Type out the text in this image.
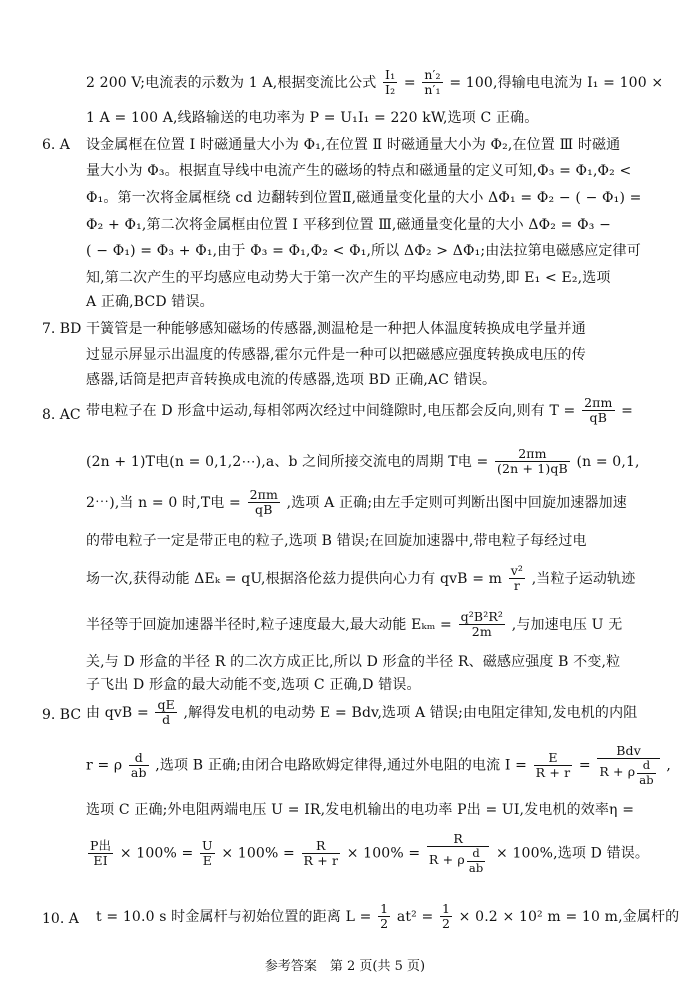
2 200 V;电流表的示数为 1 A,根据变流比公式 $\frac{\text{I₁}}{\text{I₂}} = \frac{\text{n′₂}}{\text{n′₁}} = 100$,得输电电流为 I₁ = 100 ×
1 A = 100 A,线路输送的电功率为 P = U₁I₁ = 220 kW,选项 C 正确。
6. A 设金属框在位置 Ⅰ 时磁通量大小为 Φ₁,在位置 Ⅱ 时磁通量大小为 Φ₂,在位置 Ⅲ 时磁通
量大小为 Φ₃。根据直导线中电流产生的磁场的特点和磁通量的定义可知,Φ₃ = Φ₁,Φ₂ <
Φ₁。第一次将金属框绕 cd 边翻转到位置Ⅱ,磁通量变化量的大小 ΔΦ₁ = Φ₂ − ( − Φ₁) =
Φ₂ + Φ₁,第二次将金属框由位置 Ⅰ 平移到位置 Ⅲ,磁通量变化量的大小 ΔΦ₂ = Φ₃ −
( − Φ₁) = Φ₃ + Φ₁,由于 Φ₃ = Φ₁,Φ₂ < Φ₁,所以 ΔΦ₂ > ΔΦ₁;由法拉第电磁感应定律可
知,第二次产生的平均感应电动势大于第一次产生的平均感应电动势,即 E₁ < E₂,选项
A 正确,BCD 错误。
7. BD 干簧管是一种能够感知磁场的传感器,测温枪是一种把人体温度转换成电学量并通
过显示屏显示出温度的传感器,霍尔元件是一种可以把磁感应强度转换成电压的传
感器,话筒是把声音转换成电流的传感器,选项 BD 正确,AC 错误。
8. AC 带电粒子在 D 形盒中运动,每相邻两次经过中间缝隙时,电压都会反向,则有 $T = \frac{2\pi m}{qB}$ =
(2n + 1)T电(n = 0,1,2⋯),a、b 之间所接交流电的周期 T电 = $\frac{2\pi m}{(2n + 1)qB} (n = 0,1$,
2⋯),当 n = 0 时,T电 = $\frac{2\pi m}{qB}$ ,选项 A 正确;由左手定则可判断出图中回旋加速器加速
的带电粒子一定是带正电的粒子,选项 B 错误;在回旋加速器中,带电粒子每经过电
场一次,获得动能 ΔEₖ = qU,根据洛伦兹力提供向心力有 qvB = m $\frac{\text{v²}}{r}$ ,当粒子运动轨迹
半径等于回旋加速器半径时,粒子速度最大,最大动能 $E_{km} = \frac{\text{q²B²R²}}{2m}$ ,与加速电压 U 无
关,与 D 形盒的半径 R 的二次方成正比,所以 D 形盒的半径 R、磁感应强度 B 不变,粒
子飞出 D 形盒的最大动能不变,选项 C 正确,D 错误。
9. BC 由 qvB = $\frac{qE}{d}$ ,解得发电机的电动势 E = Bdv,选项 A 错误;由电阻定律知,发电机的内阻
r = ρ $\frac{d}{ab}$ ,选项 B 正确;由闭合电路欧姆定律得,通过外电阻的电流 $I = \frac{E}{R + r} = \frac{\text{Bdv}}{R + \rho \frac{d}{ab}}$ ,
选项 C 正确;外电阻两端电压 U = IR,发电机输出的电功率 P出 = UI,发电机的效率η =
$\frac{\text{P出}}{EI} \times 100\% = \frac{U}{E} \times 100\% = \frac{R}{R + r} \times 100\% = \frac{R}{R + \rho \frac{d}{ab}} \times 100\%$,选项 D 错误。
10. A t = 10.0 s 时金属杆与初始位置的距离 $L = \frac{1}{2} at^2 = \frac{1}{2} \times 0.2 \times 10^2$ m = 10 m,金属杆的
参考答案　第 2 页(共 5 页)
